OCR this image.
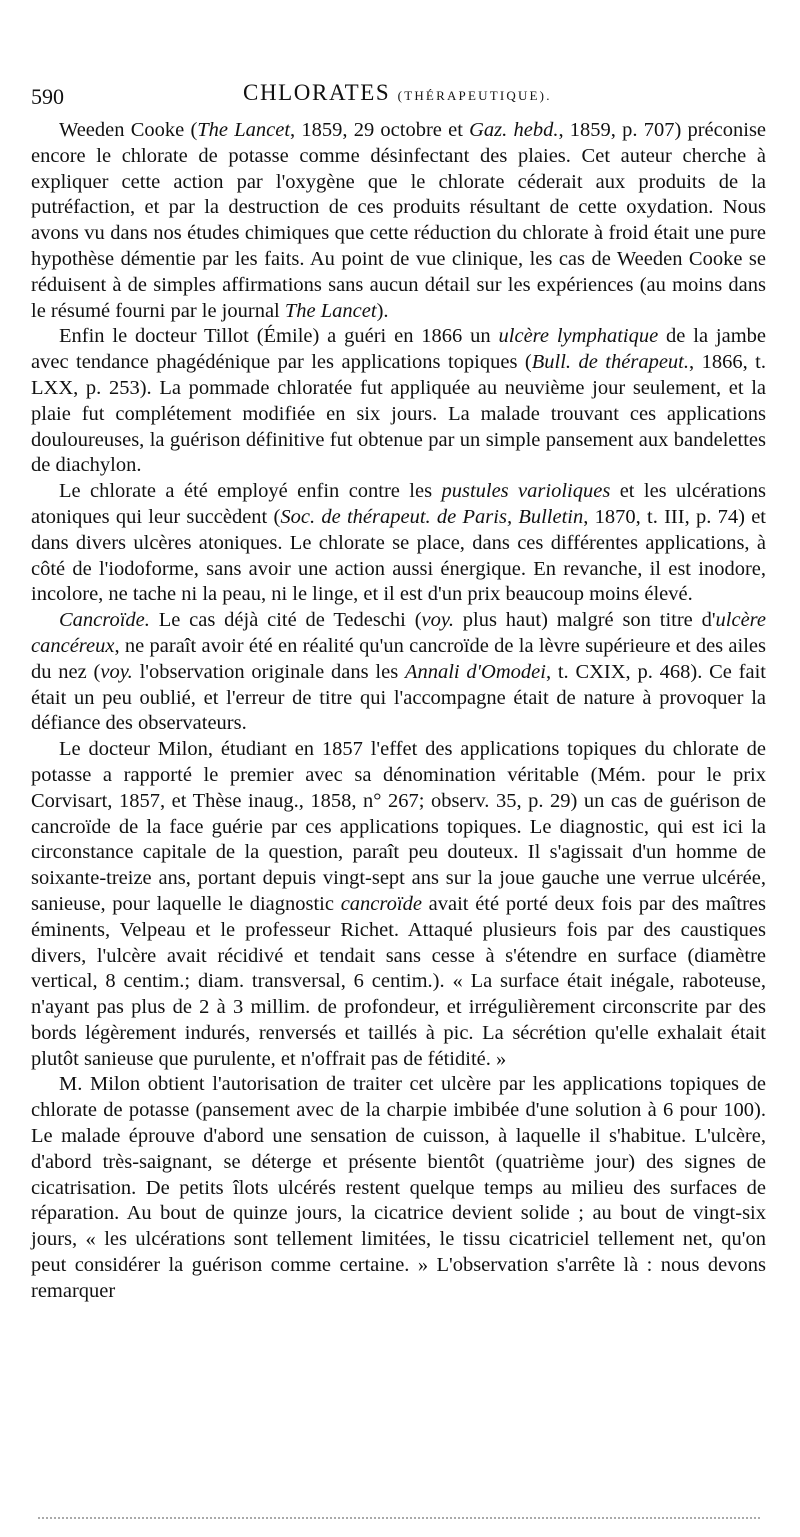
590	CHLORATES (THÉRAPEUTIQUE).

Weeden Cooke (The Lancet, 1859, 29 octobre et Gaz. hebd., 1859, p. 707) préconise encore le chlorate de potasse comme désinfectant des plaies. Cet auteur cherche à expliquer cette action par l'oxygène que le chlorate céderait aux produits de la putréfaction, et par la destruction de ces produits résultant de cette oxydation. Nous avons vu dans nos études chimiques que cette réduction du chlorate à froid était une pure hypothèse démentie par les faits. Au point de vue clinique, les cas de Weeden Cooke se réduisent à de simples affirmations sans aucun détail sur les expériences (au moins dans le résumé fourni par le journal The Lancet).

Enfin le docteur Tillot (Émile) a guéri en 1866 un ulcère lymphatique de la jambe avec tendance phagédénique par les applications topiques (Bull. de thérapeut., 1866, t. LXX, p. 253). La pommade chloratée fut appliquée au neuvième jour seulement, et la plaie fut complétement modifiée en six jours. La malade trouvant ces applications douloureuses, la guérison définitive fut obtenue par un simple pansement aux bandelettes de diachylon.

Le chlorate a été employé enfin contre les pustules varioliques et les ulcérations atoniques qui leur succèdent (Soc. de thérapeut. de Paris, Bulletin, 1870, t. III, p. 74) et dans divers ulcères atoniques. Le chlorate se place, dans ces différentes applications, à côté de l'iodoforme, sans avoir une action aussi énergique. En revanche, il est inodore, incolore, ne tache ni la peau, ni le linge, et il est d'un prix beaucoup moins élevé.

Cancroïde. Le cas déjà cité de Tedeschi (voy. plus haut) malgré son titre d'ulcère cancéreux, ne paraît avoir été en réalité qu'un cancroïde de la lèvre supérieure et des ailes du nez (voy. l'observation originale dans les Annali d'Omodei, t. CXIX, p. 468). Ce fait était un peu oublié, et l'erreur de titre qui l'accompagne était de nature à provoquer la défiance des observateurs.

Le docteur Milon, étudiant en 1857 l'effet des applications topiques du chlorate de potasse a rapporté le premier avec sa dénomination véritable (Mém. pour le prix Corvisart, 1857, et Thèse inaug., 1858, n° 267; observ. 35, p. 29) un cas de guérison de cancroïde de la face guérie par ces applications topiques. Le diagnostic, qui est ici la circonstance capitale de la question, paraît peu douteux. Il s'agissait d'un homme de soixante-treize ans, portant depuis vingt-sept ans sur la joue gauche une verrue ulcérée, sanieuse, pour laquelle le diagnostic cancroïde avait été porté deux fois par des maîtres éminents, Velpeau et le professeur Richet. Attaqué plusieurs fois par des caustiques divers, l'ulcère avait récidivé et tendait sans cesse à s'étendre en surface (diamètre vertical, 8 centim.; diam. transversal, 6 centim.). « La surface était inégale, raboteuse, n'ayant pas plus de 2 à 3 millim. de profondeur, et irrégulièrement circonscrite par des bords légèrement indurés, renversés et taillés à pic. La sécrétion qu'elle exhalait était plutôt sanieuse que purulente, et n'offrait pas de fétidité. »

M. Milon obtient l'autorisation de traiter cet ulcère par les applications topiques de chlorate de potasse (pansement avec de la charpie imbibée d'une solution à 6 pour 100). Le malade éprouve d'abord une sensation de cuisson, à laquelle il s'habitue. L'ulcère, d'abord très-saignant, se déterge et présente bientôt (quatrième jour) des signes de cicatrisation. De petits îlots ulcérés restent quelque temps au milieu des surfaces de réparation. Au bout de quinze jours, la cicatrice devient solide ; au bout de vingt-six jours, « les ulcérations sont tellement limitées, le tissu cicatriciel tellement net, qu'on peut considérer la guérison comme certaine. » L'observation s'arrête là : nous devons remarquer
